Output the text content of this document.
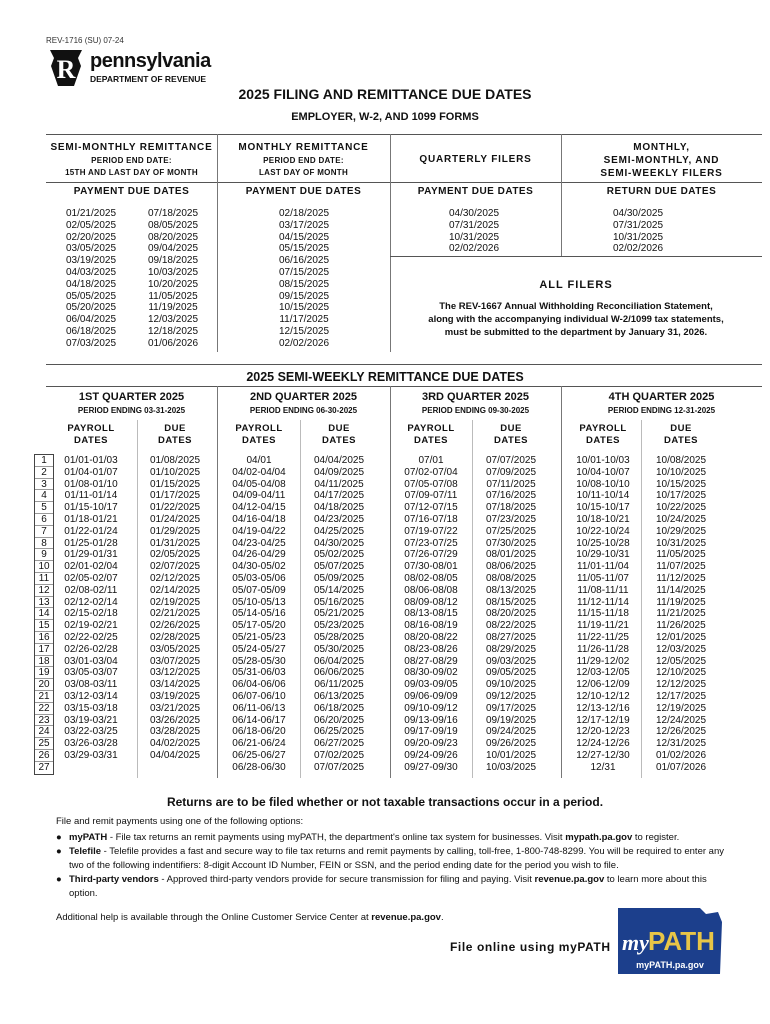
REV-1716 (SU) 07-24
R pennsylvania
DEPARTMENT OF REVENUE
2025 FILING AND REMITTANCE DUE DATES
EMPLOYER, W-2, AND 1099 FORMS
SEMI-MONTHLY REMITTANCE
PERIOD END DATE:
15TH AND LAST DAY OF MONTH
PAYMENT DUE DATES
01/21/2025
02/05/2025
02/20/2025
03/05/2025
03/19/2025
04/03/2025
04/18/2025
05/05/2025
05/20/2025
06/04/2025
06/18/2025
07/03/2025
07/18/2025
08/05/2025
08/20/2025
09/04/2025
09/18/2025
10/03/2025
10/20/2025
11/05/2025
11/19/2025
12/03/2025
12/18/2025
01/06/2026
MONTHLY REMITTANCE
PERIOD END DATE:
LAST DAY OF MONTH
PAYMENT DUE DATES
02/18/2025
03/17/2025
04/15/2025
05/15/2025
06/16/2025
07/15/2025
08/15/2025
09/15/2025
10/15/2025
11/17/2025
12/15/2025
02/02/2026
QUARTERLY FILERS
PAYMENT DUE DATES
04/30/2025
07/31/2025
10/31/2025
02/02/2026
MONTHLY,
SEMI-MONTHLY, AND
SEMI-WEEKLY FILERS
RETURN DUE DATES
04/30/2025
07/31/2025
10/31/2025
02/02/2026
ALL FILERS
The REV-1667 Annual Withholding Reconciliation Statement,
along with the accompanying individual W-2/1099 tax statements,
must be submitted to the department by January 31, 2026.
2025 SEMI-WEEKLY REMITTANCE DUE DATES
1ST QUARTER 2025
PERIOD ENDING 03-31-2025
PAYROLL
DATES
DUE
DATES
01/01-01/03
01/04-01/07
01/08-01/10
01/11-01/14
01/15-10/17
01/18-01/21
01/22-01/24
01/25-01/28
01/29-01/31
02/01-02/04
02/05-02/07
02/08-02/11
02/12-02/14
02/15-02/18
02/19-02/21
02/22-02/25
02/26-02/28
03/01-03/04
03/05-03/07
03/08-03/11
03/12-03/14
03/15-03/18
03/19-03/21
03/22-03/25
03/26-03/28
03/29-03/31
01/08/2025
01/10/2025
01/15/2025
01/17/2025
01/22/2025
01/24/2025
01/29/2025
01/31/2025
02/05/2025
02/07/2025
02/12/2025
02/14/2025
02/19/2025
02/21/2025
02/26/2025
02/28/2025
03/05/2025
03/07/2025
03/12/2025
03/14/2025
03/19/2025
03/21/2025
03/26/2025
03/28/2025
04/02/2025
04/04/2025
2ND QUARTER 2025
PERIOD ENDING 06-30-2025
PAYROLL
DATES
DUE
DATES
04/01
04/02-04/04
04/05-04/08
04/09-04/11
04/12-04/15
04/16-04/18
04/19-04/22
04/23-04/25
04/26-04/29
04/30-05/02
05/03-05/06
05/07-05/09
05/10-05/13
05/14-05/16
05/17-05/20
05/21-05/23
05/24-05/27
05/28-05/30
05/31-06/03
06/04-06/06
06/07-06/10
06/11-06/13
06/14-06/17
06/18-06/20
06/21-06/24
06/25-06/27
06/28-06/30
04/04/2025
04/09/2025
04/11/2025
04/17/2025
04/18/2025
04/23/2025
04/25/2025
04/30/2025
05/02/2025
05/07/2025
05/09/2025
05/14/2025
05/16/2025
05/21/2025
05/23/2025
05/28/2025
05/30/2025
06/04/2025
06/06/2025
06/11/2025
06/13/2025
06/18/2025
06/20/2025
06/25/2025
06/27/2025
07/02/2025
07/07/2025
3RD QUARTER 2025
PERIOD ENDING 09-30-2025
PAYROLL
DATES
DUE
DATES
07/01
07/02-07/04
07/05-07/08
07/09-07/11
07/12-07/15
07/16-07/18
07/19-07/22
07/23-07/25
07/26-07/29
07/30-08/01
08/02-08/05
08/06-08/08
08/09-08/12
08/13-08/15
08/16-08/19
08/20-08/22
08/23-08/26
08/27-08/29
08/30-09/02
09/03-09/05
09/06-09/09
09/10-09/12
09/13-09/16
09/17-09/19
09/20-09/23
09/24-09/26
09/27-09/30
07/07/2025
07/09/2025
07/11/2025
07/16/2025
07/18/2025
07/23/2025
07/25/2025
07/30/2025
08/01/2025
08/06/2025
08/08/2025
08/13/2025
08/15/2025
08/20/2025
08/22/2025
08/27/2025
08/29/2025
09/03/2025
09/05/2025
09/10/2025
09/12/2025
09/17/2025
09/19/2025
09/24/2025
09/26/2025
10/01/2025
10/03/2025
4TH QUARTER 2025
PERIOD ENDING 12-31-2025
PAYROLL
DATES
DUE
DATES
10/01-10/03
10/04-10/07
10/08-10/10
10/11-10/14
10/15-10/17
10/18-10/21
10/22-10/24
10/25-10/28
10/29-10/31
11/01-11/04
11/05-11/07
11/08-11/11
11/12-11/14
11/15-11/18
11/19-11/21
11/22-11/25
11/26-11/28
11/29-12/02
12/03-12/05
12/06-12/09
12/10-12/12
12/13-12/16
12/17-12/19
12/20-12/23
12/24-12/26
12/27-12/30
12/31
10/08/2025
10/10/2025
10/15/2025
10/17/2025
10/22/2025
10/24/2025
10/29/2025
10/31/2025
11/05/2025
11/07/2025
11/12/2025
11/14/2025
11/19/2025
11/21/2025
11/26/2025
12/01/2025
12/03/2025
12/05/2025
12/10/2025
12/12/2025
12/17/2025
12/19/2025
12/24/2025
12/26/2025
12/31/2025
01/02/2026
01/07/2026
1
2
3
4
5
6
7
8
9
10
11
12
13
14
15
16
17
18
19
20
21
22
23
24
25
26
27
Returns are to be filed whether or not taxable transactions occur in a period.
File and remit payments using one of the following options:
● myPATH - File tax returns an remit payments using myPATH, the department's online tax system for businesses. Visit mypath.pa.gov to register.
● Telefile - Telefile provides a fast and secure way to file tax returns and remit payments by calling, toll-free, 1-800-748-8299. You will be required to enter any two of the following indentifiers: 8-digit Account ID Number, FEIN or SSN, and the period ending date for the period you wish to file.
● Third-party vendors - Approved third-party vendors provide for secure transmission for filing and paying. Visit revenue.pa.gov to learn more about this option.
Additional help is available through the Online Customer Service Center at revenue.pa.gov.
File online using myPATH my PATH
myPATH.pa.gov
